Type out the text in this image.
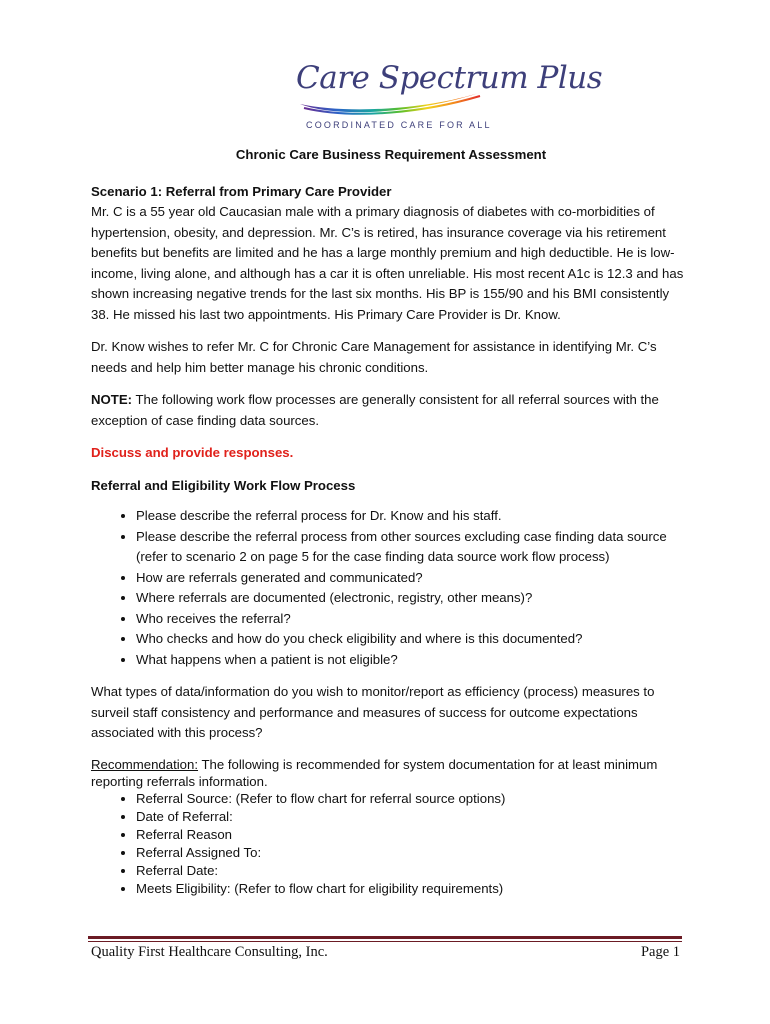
Care Spectrum Plus
COORDINATED CARE FOR ALL
Chronic Care Business Requirement Assessment
Scenario 1: Referral from Primary Care Provider

Mr. C is a 55 year old Caucasian male with a primary diagnosis of diabetes with co-morbidities of hypertension, obesity, and depression. Mr. C’s is retired, has insurance coverage via his retirement benefits but benefits are limited and he has a large monthly premium and high deductible. He is low-income, living alone, and although has a car it is often unreliable. His most recent A1c is 12.3 and has shown increasing negative trends for the last six months. His BP is 155/90 and his BMI consistently 38. He missed his last two appointments. His Primary Care Provider is Dr. Know.

Dr. Know wishes to refer Mr. C for Chronic Care Management for assistance in identifying Mr. C’s needs and help him better manage his chronic conditions.

NOTE: The following work flow processes are generally consistent for all referral sources with the exception of case finding data sources.

Discuss and provide responses.
Referral and Eligibility Work Flow Process
• Please describe the referral process for Dr. Know and his staff.
• Please describe the referral process from other sources excluding case finding data source (refer to scenario 2 on page 5 for the case finding data source work flow process)
• How are referrals generated and communicated?
• Where referrals are documented (electronic, registry, other means)?
• Who receives the referral?
• Who checks and how do you check eligibility and where is this documented?
• What happens when a patient is not eligible?

What types of data/information do you wish to monitor/report as efficiency (process) measures to surveil staff consistency and performance and measures of success for outcome expectations associated with this process?

Recommendation: The following is recommended for system documentation for at least minimum reporting referrals information.

• Referral Source: (Refer to flow chart for referral source options)
• Date of Referral:
• Referral Reason
• Referral Assigned To:
• Referral Date:
• Meets Eligibility: (Refer to flow chart for eligibility requirements)
Quality First Healthcare Consulting, Inc.	Page 1
